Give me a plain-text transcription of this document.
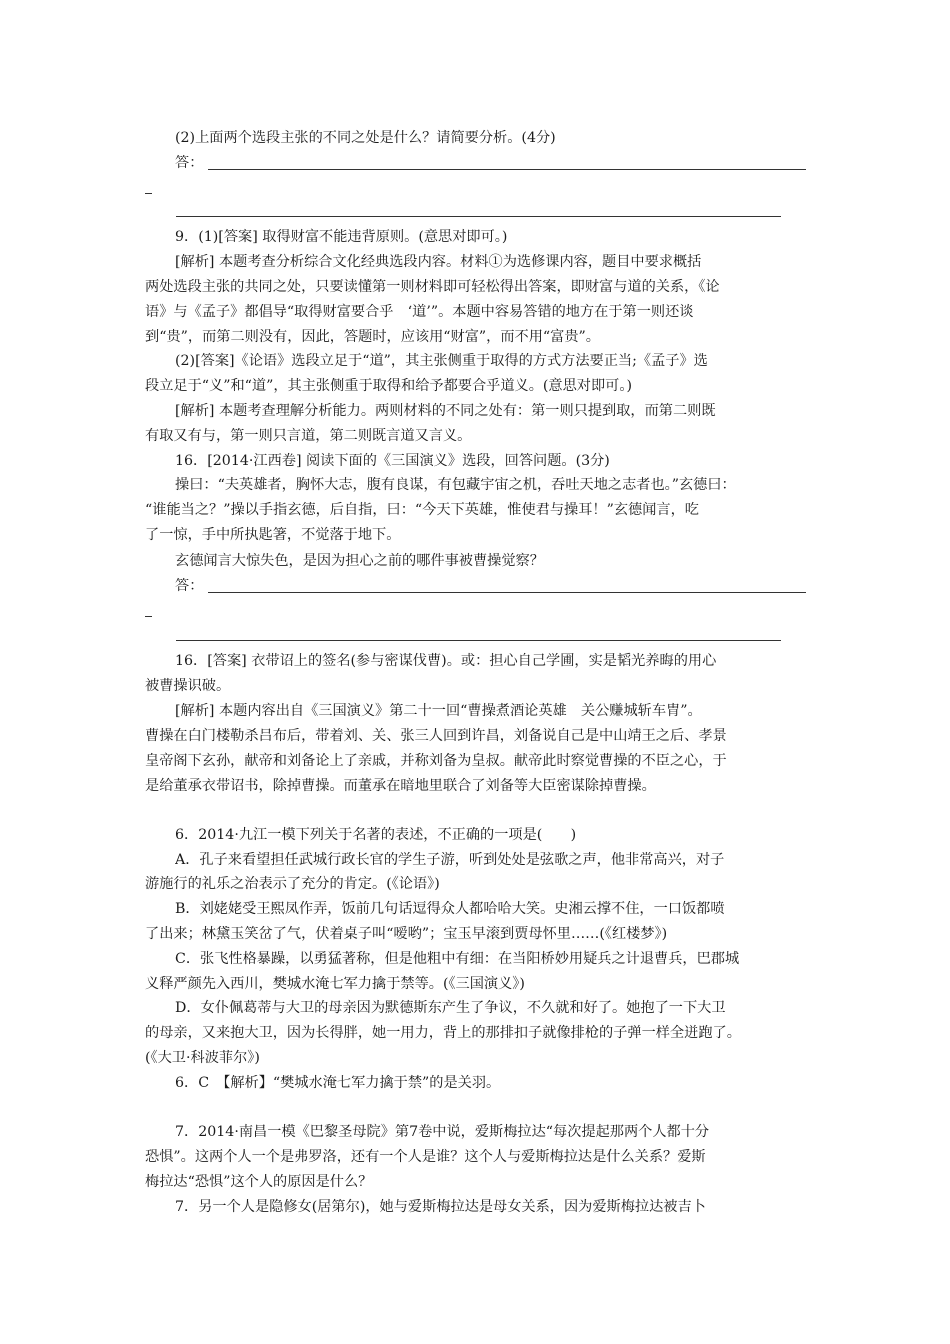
(2)上面两个选段主张的不同之处是什么？请简要分析。(4分)
答：
9．(1)[答案] 取得财富不能违背原则。(意思对即可。)
[解析] 本题考查分析综合文化经典选段内容。材料①为选修课内容，题目中要求概括
两处选段主张的共同之处，只要读懂第一则材料即可轻松得出答案，即财富与道的关系，《论
语》与《孟子》都倡导“取得财富要合乎　‘道’”。本题中容易答错的地方在于第一则还谈
到“贵”，而第二则没有，因此，答题时，应该用“财富”，而不用“富贵”。
(2)[答案]《论语》选段立足于“道”，其主张侧重于取得的方式方法要正当;《孟子》选
段立足于“义”和“道”，其主张侧重于取得和给予都要合乎道义。(意思对即可。)
[解析] 本题考查理解分析能力。两则材料的不同之处有：第一则只提到取，而第二则既
有取又有与，第一则只言道，第二则既言道又言义。
16．[2014·江西卷] 阅读下面的《三国演义》选段，回答问题。(3分)
操曰：“夫英雄者，胸怀大志，腹有良谋，有包藏宇宙之机，吞吐天地之志者也。”玄德曰：
“谁能当之？”操以手指玄德，后自指，曰：“今天下英雄，惟使君与操耳！”玄德闻言，吃
了一惊，手中所执匙箸，不觉落于地下。
玄德闻言大惊失色，是因为担心之前的哪件事被曹操觉察？
答：
16．[答案] 衣带诏上的签名(参与密谋伐曹)。或：担心自己学圃，实是韬光养晦的用心
被曹操识破。
[解析] 本题内容出自《三国演义》第二十一回“曹操煮酒论英雄　关公赚城斩车胄”。
曹操在白门楼勒杀吕布后，带着刘、关、张三人回到许昌，刘备说自己是中山靖王之后、孝景
皇帝阁下玄孙，献帝和刘备论上了亲戚，并称刘备为皇叔。献帝此时察觉曹操的不臣之心，于
是给董承衣带诏书，除掉曹操。而董承在暗地里联合了刘备等大臣密谋除掉曹操。
6．2014·九江一模下列关于名著的表述，不正确的一项是(　　)
A．孔子来看望担任武城行政长官的学生子游，听到处处是弦歌之声，他非常高兴，对子
游施行的礼乐之治表示了充分的肯定。(《论语》)
B．刘姥姥受王熙凤作弄，饭前几句话逗得众人都哈哈大笑。史湘云撑不住，一口饭都喷
了出来；林黛玉笑岔了气，伏着桌子叫“嗳哟”；宝玉早滚到贾母怀里……(《红楼梦》)
C．张飞性格暴躁，以勇猛著称，但是他粗中有细：在当阳桥妙用疑兵之计退曹兵，巴郡城
义释严颜先入西川，樊城水淹七军力擒于禁等。(《三国演义》)
D．女仆佩葛蒂与大卫的母亲因为默德斯东产生了争议，不久就和好了。她抱了一下大卫
的母亲，又来抱大卫，因为长得胖，她一用力，背上的那排扣子就像排枪的子弹一样全迸跑了。
(《大卫·科波菲尔》)
6．C　【解析】“樊城水淹七军力擒于禁”的是关羽。
7．2014·南昌一模《巴黎圣母院》第7卷中说，爱斯梅拉达“每次提起那两个人都十分
恐惧”。这两个人一个是弗罗洛，还有一个人是谁？这个人与爱斯梅拉达是什么关系？爱斯
梅拉达“恐惧”这个人的原因是什么？
7．另一个人是隐修女(居第尔)，她与爱斯梅拉达是母女关系，因为爱斯梅拉达被吉卜
